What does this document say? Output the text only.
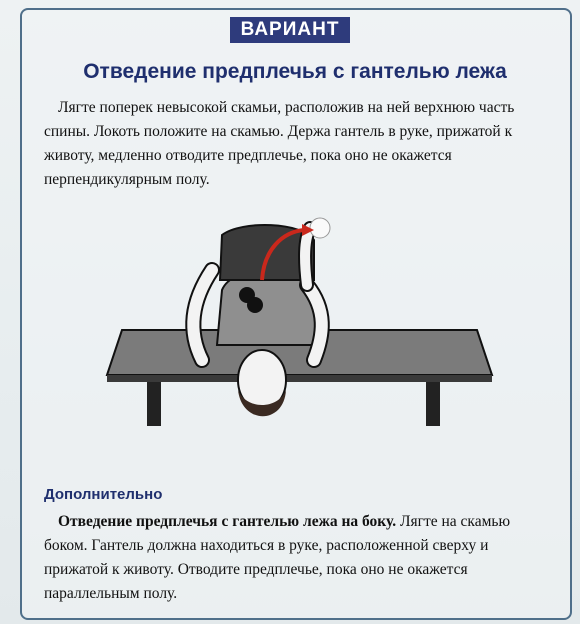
ВАРИАНТ
Отведение предплечья с гантелью лежа
Лягте поперек невысокой скамьи, расположив на ней верхнюю часть спины. Локоть положите на скамью. Держа гантель в руке, прижатой к животу, медленно отводите предплечье, пока оно не окажется перпендикулярным полу.
Дополнительно
Отведение предплечья с гантелью лежа на боку. Лягте на скамью боком. Гантель должна находиться в руке, расположенной сверху и прижатой к животу. Отводите предплечье, пока оно не окажется параллельным полу.
